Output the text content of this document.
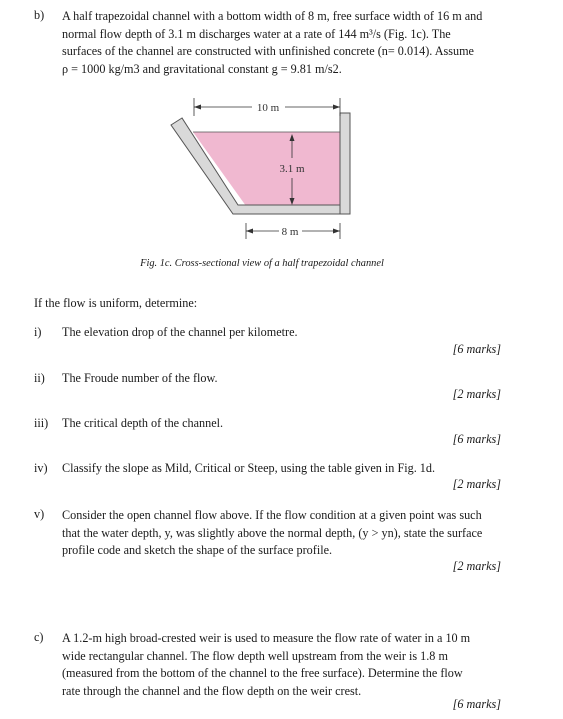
b) A half trapezoidal channel with a bottom width of 8 m, free surface width of 16 m and
normal flow depth of 3.1 m discharges water at a rate of 144 m³/s (Fig. 1c). The
surfaces of the channel are constructed with unfinished concrete (n= 0.014). Assume
ρ = 1000 kg/m3 and gravitational constant g = 9.81 m/s2.
10 m
3.1 m
8 m
Fig. 1c. Cross-sectional view of a half trapezoidal channel
If the flow is uniform, determine:
i) The elevation drop of the channel per kilometre.
[6 marks]
ii) The Froude number of the flow.
[2 marks]
iii) The critical depth of the channel.
[6 marks]
iv) Classify the slope as Mild, Critical or Steep, using the table given in Fig. 1d.
[2 marks]
v) Consider the open channel flow above. If the flow condition at a given point was such
that the water depth, y, was slightly above the normal depth, (y > yn), state the surface
profile code and sketch the shape of the surface profile.
[2 marks]
c) A 1.2-m high broad-crested weir is used to measure the flow rate of water in a 10 m
wide rectangular channel. The flow depth well upstream from the weir is 1.8 m
(measured from the bottom of the channel to the free surface). Determine the flow
rate through the channel and the flow depth on the weir crest.
[6 marks]
